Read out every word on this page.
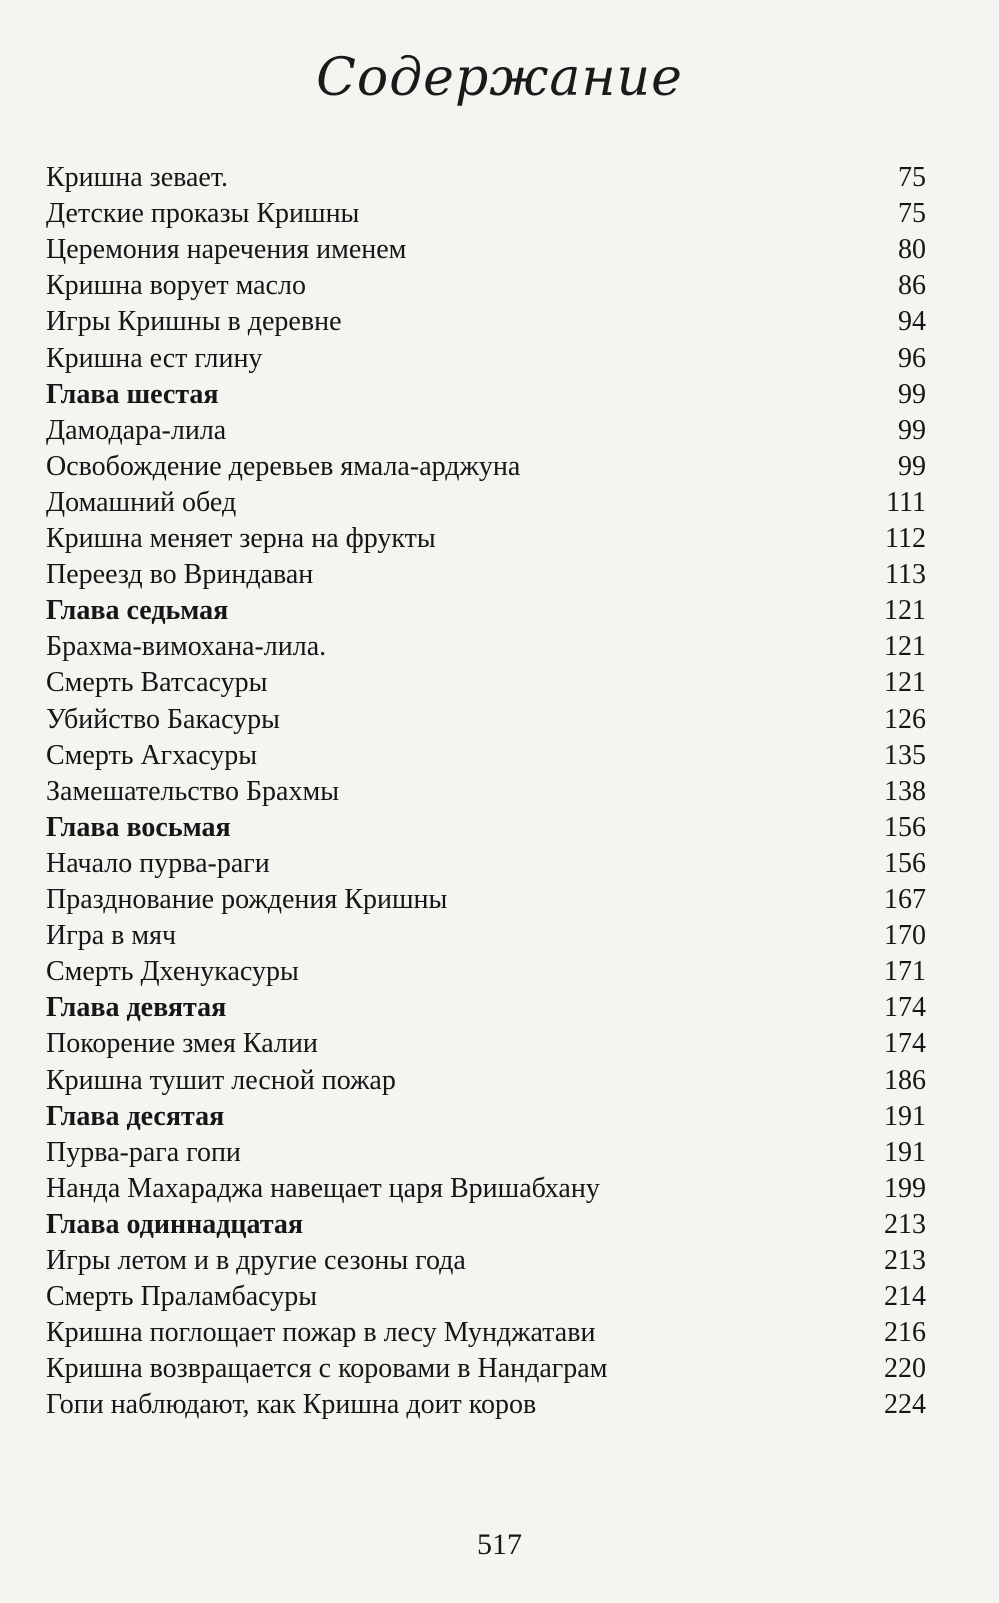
Содержание
Кришна зевает.	75
Детские проказы Кришны	75
Церемония наречения именем	80
Кришна ворует масло	86
Игры Кришны в деревне	94
Кришна ест глину	96
Глава шестая	99
Дамодара-лила	99
Освобождение деревьев ямала-арджуна	99
Домашний обед	111
Кришна меняет зерна на фрукты	112
Переезд во Вриндаван	113
Глава седьмая	121
Брахма-вимохана-лила.	121
Смерть Ватсасуры	121
Убийство Бакасуры	126
Смерть Агхасуры	135
Замешательство Брахмы	138
Глава восьмая	156
Начало пурва-раги	156
Празднование рождения Кришны	167
Игра в мяч	170
Смерть Дхенукасуры	171
Глава девятая	174
Покорение змея Калии	174
Кришна тушит лесной пожар	186
Глава десятая	191
Пурва-рага гопи	191
Нанда Махараджа навещает царя Вришабхану	199
Глава одиннадцатая	213
Игры летом и в другие сезоны года	213
Смерть Праламбасуры	214
Кришна поглощает пожар в лесу Мунджатави	216
Кришна возвращается с коровами в Нандаграм	220
Гопи наблюдают, как Кришна доит коров	224
517
